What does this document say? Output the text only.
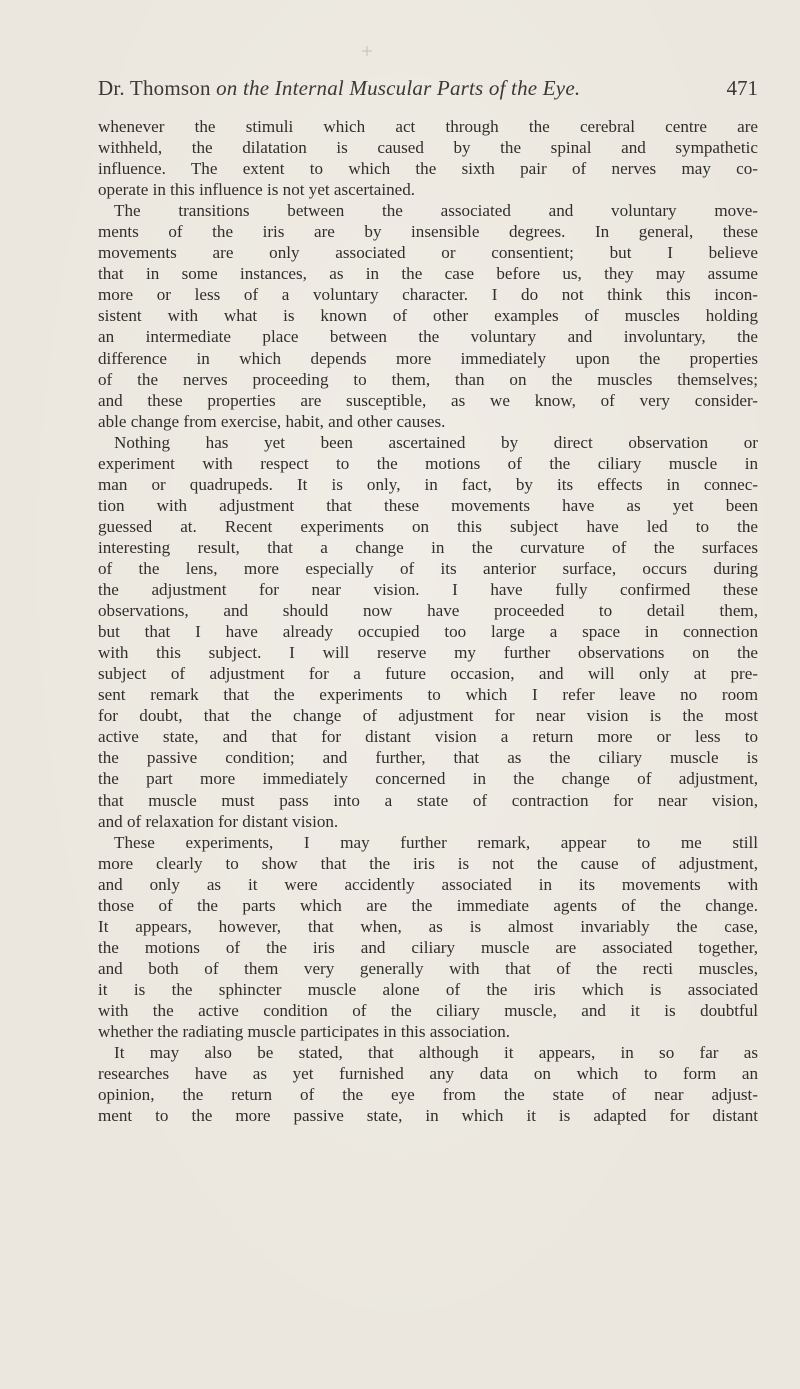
Dr. Thomson on the Internal Muscular Parts of the Eye.	471
whenever the stimuli which act through the cerebral centre are
withheld, the dilatation is caused by the spinal and sympathetic
influence. The extent to which the sixth pair of nerves may co-
operate in this influence is not yet ascertained.
The transitions between the associated and voluntary move-
ments of the iris are by insensible degrees. In general, these
movements are only associated or consentient; but I believe
that in some instances, as in the case before us, they may assume
more or less of a voluntary character. I do not think this incon-
sistent with what is known of other examples of muscles holding
an intermediate place between the voluntary and involuntary, the
difference in which depends more immediately upon the properties
of the nerves proceeding to them, than on the muscles themselves;
and these properties are susceptible, as we know, of very consider-
able change from exercise, habit, and other causes.
Nothing has yet been ascertained by direct observation or
experiment with respect to the motions of the ciliary muscle in
man or quadrupeds. It is only, in fact, by its effects in connec-
tion with adjustment that these movements have as yet been
guessed at. Recent experiments on this subject have led to the
interesting result, that a change in the curvature of the surfaces
of the lens, more especially of its anterior surface, occurs during
the adjustment for near vision. I have fully confirmed these
observations, and should now have proceeded to detail them,
but that I have already occupied too large a space in connection
with this subject. I will reserve my further observations on the
subject of adjustment for a future occasion, and will only at pre-
sent remark that the experiments to which I refer leave no room
for doubt, that the change of adjustment for near vision is the most
active state, and that for distant vision a return more or less to
the passive condition; and further, that as the ciliary muscle is
the part more immediately concerned in the change of adjustment,
that muscle must pass into a state of contraction for near vision,
and of relaxation for distant vision.
These experiments, I may further remark, appear to me still
more clearly to show that the iris is not the cause of adjustment,
and only as it were accidently associated in its movements with
those of the parts which are the immediate agents of the change.
It appears, however, that when, as is almost invariably the case,
the motions of the iris and ciliary muscle are associated together,
and both of them very generally with that of the recti muscles,
it is the sphincter muscle alone of the iris which is associated
with the active condition of the ciliary muscle, and it is doubtful
whether the radiating muscle participates in this association.
It may also be stated, that although it appears, in so far as
researches have as yet furnished any data on which to form an
opinion, the return of the eye from the state of near adjust-
ment to the more passive state, in which it is adapted for distant
